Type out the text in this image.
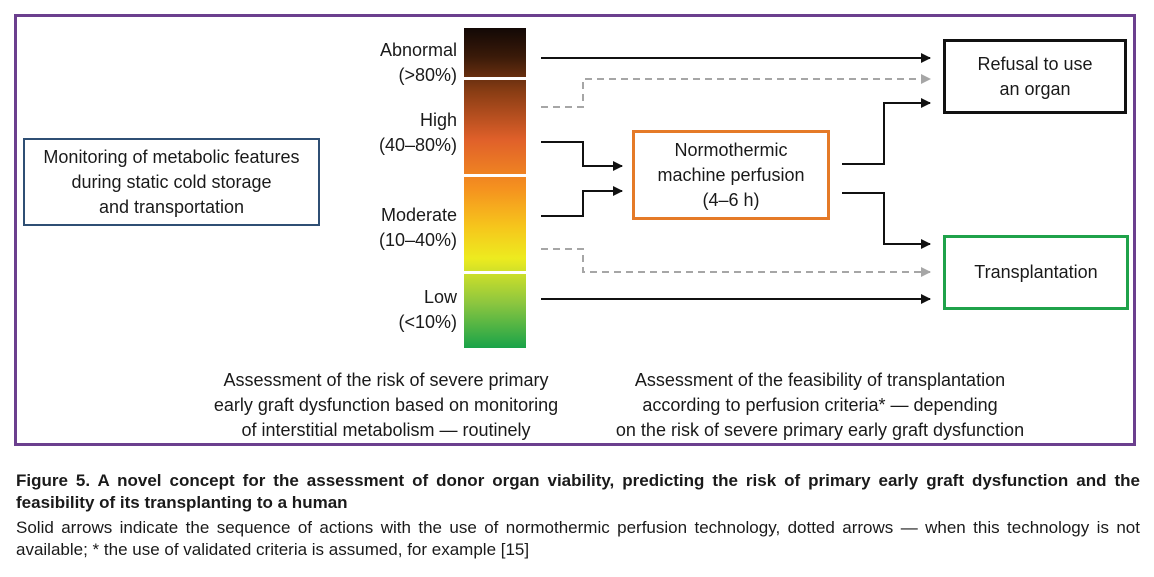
Monitoring of metabolic features
during static cold storage
and transportation
Abnormal
(>80%)
High
(40–80%)
Moderate
(10–40%)
Low
(<10%)
Normothermic
machine perfusion
(4–6 h)
Refusal to use
an organ
Transplantation
Assessment of the risk of severe primary
early graft dysfunction based on monitoring
of interstitial metabolism — routinely
Assessment of the feasibility of transplantation
according to perfusion criteria* — depending
on the risk of severe primary early graft dysfunction
Figure 5. A novel concept for the assessment of donor organ viability, predicting the risk of primary early graft dysfunction and the feasibility of its transplanting to a human
Solid arrows indicate the sequence of actions with the use of normothermic perfusion technology, dotted arrows — when this technology is not available; * the use of validated criteria is assumed, for example [15]
